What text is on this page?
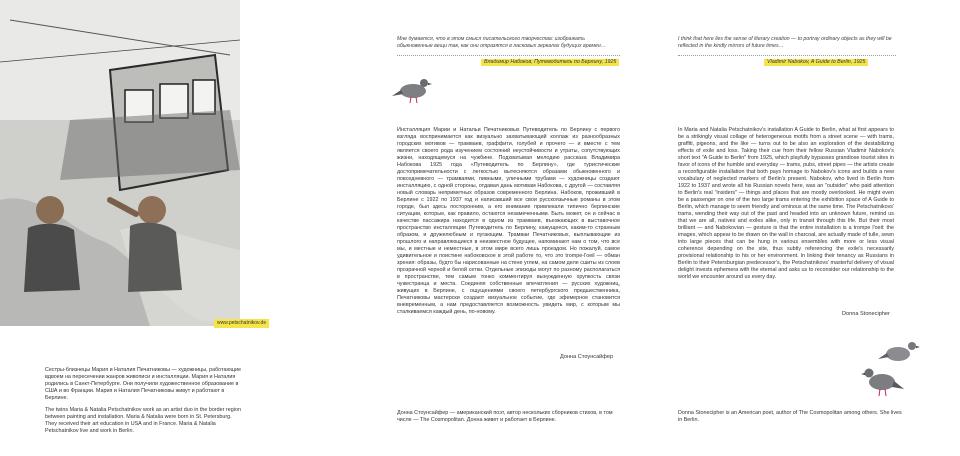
www.petschatnikov.de

Сестры-близнецы Мария и Наталия Печатниковы — художницы, работающие вдвоем на пересечении жанров живописи и инсталляции. Мария и Наталия родились в Санкт-Петербурге. Они получили художественное образование в США и во Франции. Мария и Наталия Печатниковы живут и работают в Берлине.

The twins Maria & Natalia Petschatnikov work as an artist duo in the border region between painting and installation. Maria & Natalia were born in St. Petersburg. They received their art education in USA and in France. Maria & Natalia Petschatnikov live and work in Berlin.

Мне думается, что в этом смысл писательского творчества: изображать обыкновенные вещи так, как они отразятся в ласковых зеркалах будущих времен…

Владимир Набоков, Путеводитель по Берлину, 1925

Инсталляция Марии и Натальи Печатниковых Путеводитель по Берлину с первого взгляда воспринимается как визуально захватывающий коллаж из разнообразных городских мотивов — трамваев, граффити, голубей и прочего — и вместе с тем является своего рода изучением состояний неустойчивости и утраты, сопутствующих жизни, находящемуся на чужбине. Подхватывая мелодию рассказа Владимира Набокова 1925 года «Путеводитель по Берлину», где туристические достопримечательности с легкостью вытесняются образами обыкновенного и повседневного — трамваями, пивными, уличными трубами — художницы создают инсталляцию, с одной стороны, отдавая дань мотивам Набокова, с другой — составляя новый словарь неприметных образов современного Берлина. Набоков, проживший в Берлине с 1922 по 1937 год и написавший все свои русскоязычные романы в этом городе, был здесь посторонним, а его внимание привлекали типично берлинские ситуации, которые, как правило, остаются незамеченными. Быть может, он и сейчас в качестве пассажира находится в одном из трамваев, въезжающих в выставочное пространство инсталляции Путеводитель по Берлину, кажущееся, каким-то странным образом, и дружелюбным и пугающим. Трамваи Печатниковых, выплывающие из прошлого и направляющиеся в неизвестное будущее, напоминают нам о том, что все мы, и местные и неместные, в этом мире всего лишь проездом. Но пожалуй, самое удивительное и поистине набоковское в этой работе то, что это trompe-l'oeil — обман зрения: образы, будто бы нарисованные на стене углем, на самом деле сшиты из слоев прозрачной черной и белой сетки. Отдельные эпизоды могут по разному располагаться в пространстве, тем самым тонко комментируя вынужденную хрупкость связи чужестранца и места. Соединяя собственные впечатления — русских художниц, живущих в Берлине, с ощущениями своего петербургского предшественника, Печатниковы мастерски создают визуальное событие, где эфемерное становится вневременным, а нам предоставляется возможность увидеть мир, с которым мы сталкиваемся каждый день, по-новому.

Донна Стоунсайфер
Донна Стоунсайфер — американский поэт, автор нескольких сборников стихов, в том числе — The Cosmopolitan. Донна живет и работает в Берлине.

I think that here lies the sense of literary creation — to portray ordinary objects as they will be reflected in the kindly mirrors of future times…

Vladimir Nabokov, A Guide to Berlin, 1925

In Maria and Natalia Petschatnikov's installation A Guide to Berlin, what at first appears to be a strikingly visual collage of heterogeneous motifs from a street scene — with trams, graffiti, pigeons, and the like — turns out to be also an exploration of the destabilizing effects of exile and loss. Taking their cue from their fellow Russian Vladimir Nabokov's short text "A Guide to Berlin" from 1925, which playfully bypasses grandiose tourist sites in favor of icons of the humble and everyday — trams, pubs, street pipes — the artists create a reconfigurable installation that both pays homage to Nabokov's icons and builds a new vocabulary of neglected markers of Berlin's present. Nabokov, who lived in Berlin from 1922 to 1937 and wrote all his Russian novels here, was an "outsider" who paid attention to Berlin's real "insiders" — things and places that are mostly overlooked. He might even be a passenger on one of the two large trams entering the exhibition space of A Guide to Berlin, which manage to seem friendly and ominous at the same time. The Petschatnikovs' trams, wending their way out of the past and headed into an unknown future, remind us that we are all, natives and exiles alike, only in transit through this life. But their most brilliant — and Nabokovian — gesture is that the entire installation is a trompe l'oeil: the images, which appear to be drawn on the wall in charcoal, are actually made of tulle, sewn into large pieces that can be hung in various ensembles with more or less visual coherence depending on the site, thus subtly referencing the exile's necessarily provisional relationship to his or her environment. In linking their tenancy as Russians in Berlin to their Petersburgian predecessor's, the Petschatnikovs' masterful delivery of visual delight invests ephemera with the eternal and asks us to reconsider our relationship to the world we encounter around us every day.

Donna Stonecipher
Donna Stonecipher is an American poet, author of The Cosmopolitan among others. She lives in Berlin.
